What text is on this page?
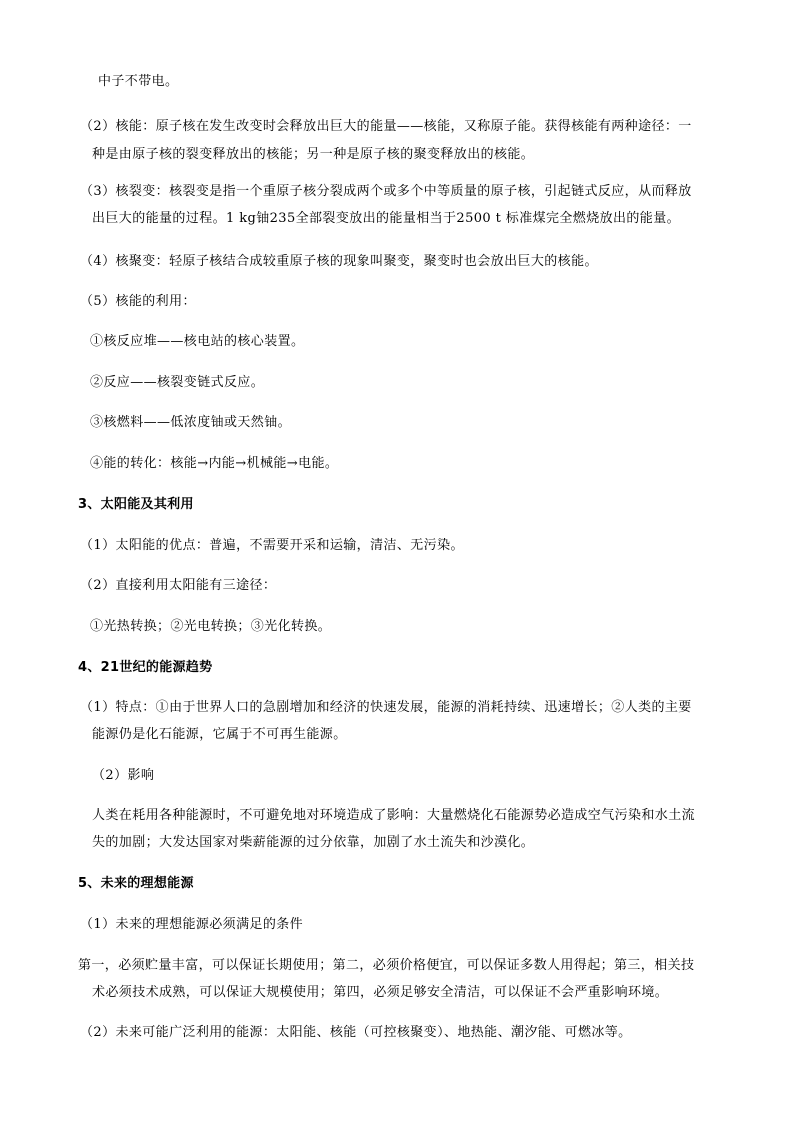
中子不带电。
（2）核能：原子核在发生改变时会释放出巨大的能量——核能，又称原子能。获得核能有两种途径：一
种是由原子核的裂变释放出的核能；另一种是原子核的聚变释放出的核能。
（3）核裂变：核裂变是指一个重原子核分裂成两个或多个中等质量的原子核，引起链式反应，从而释放
出巨大的能量的过程。1 kg铀235全部裂变放出的能量相当于2500 t 标准煤完全燃烧放出的能量。
（4）核聚变：轻原子核结合成较重原子核的现象叫聚变，聚变时也会放出巨大的核能。
（5）核能的利用：
①核反应堆——核电站的核心装置。
②反应——核裂变链式反应。
③核燃料——低浓度铀或天然铀。
④能的转化：核能→内能→机械能→电能。
3、太阳能及其利用
（1）太阳能的优点：普遍，不需要开采和运输，清洁、无污染。
（2）直接利用太阳能有三途径：
①光热转换；②光电转换；③光化转换。
4、21世纪的能源趋势
（1）特点：①由于世界人口的急剧增加和经济的快速发展，能源的消耗持续、迅速增长；②人类的主要
能源仍是化石能源，它属于不可再生能源。
（2）影响
人类在耗用各种能源时，不可避免地对环境造成了影响：大量燃烧化石能源势必造成空气污染和水土流
失的加剧；大发达国家对柴薪能源的过分依靠，加剧了水土流失和沙漠化。
5、未来的理想能源
（1）未来的理想能源必须满足的条件
第一，必须贮量丰富，可以保证长期使用；第二，必须价格便宜，可以保证多数人用得起；第三，相关技
术必须技术成熟，可以保证大规模使用；第四，必须足够安全清洁，可以保证不会严重影响环境。
（2）未来可能广泛利用的能源：太阳能、核能（可控核聚变）、地热能、潮汐能、可燃冰等。
